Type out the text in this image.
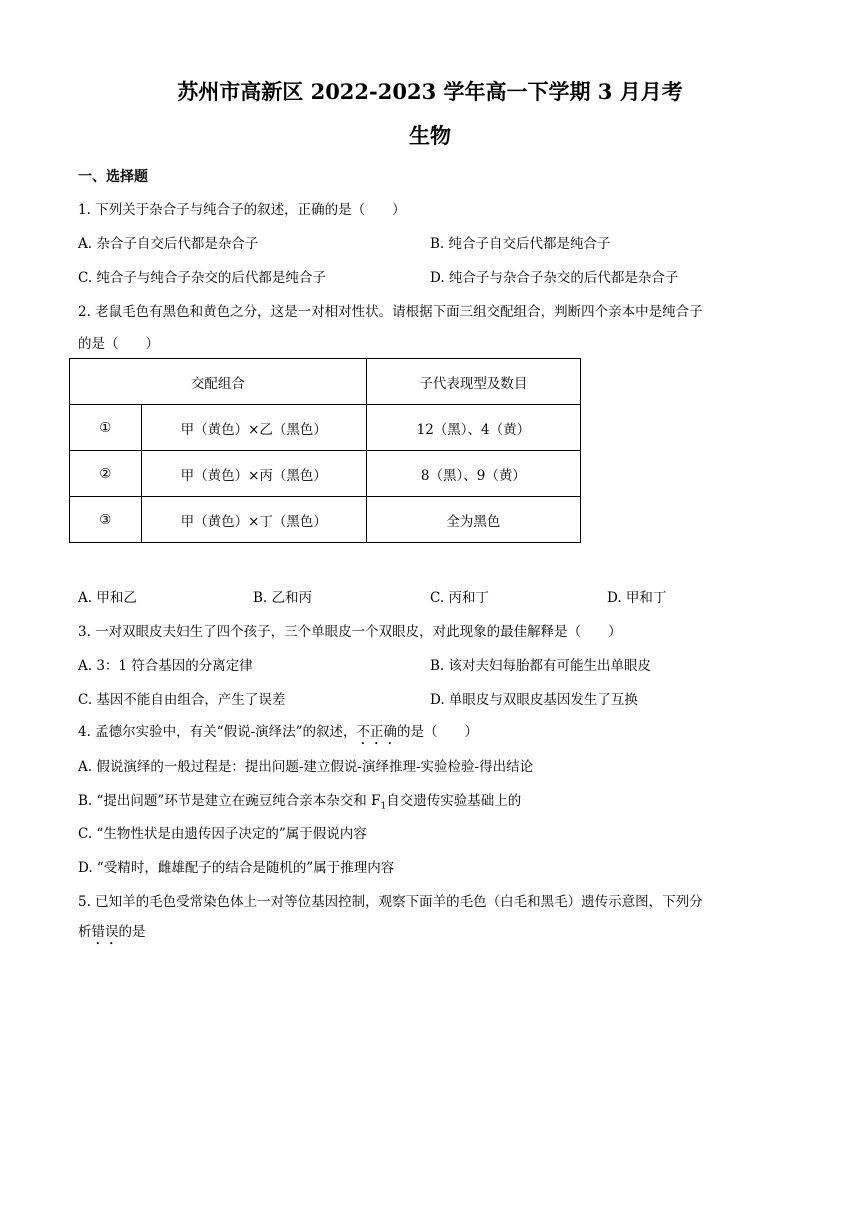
苏州市高新区 2022-2023 学年高一下学期 3 月月考
生物
一、选择题
1. 下列关于杂合子与纯合子的叙述，正确的是（　　）
A. 杂合子自交后代都是杂合子	B. 纯合子自交后代都是纯合子
C. 纯合子与纯合子杂交的后代都是纯合子	D. 纯合子与杂合子杂交的后代都是杂合子
2. 老鼠毛色有黑色和黄色之分，这是一对相对性状。请根据下面三组交配组合，判断四个亲本中是纯合子
的是（　　）
交配组合		子代表现型及数目
①	甲（黄色）×乙（黑色）	12（黑）、4（黄）
②	甲（黄色）×丙（黑色）	8（黑）、9（黄）
③	甲（黄色）×丁（黑色）	全为黑色
A. 甲和乙	B. 乙和丙	C. 丙和丁	D. 甲和丁
3. 一对双眼皮夫妇生了四个孩子，三个单眼皮一个双眼皮，对此现象的最佳解释是（　　）
A. 3：1 符合基因的分离定律	B. 该对夫妇每胎都有可能生出单眼皮
C. 基因不能自由组合，产生了误差	D. 单眼皮与双眼皮基因发生了互换
4. 孟德尔实验中，有关“假说-演绎法”的叙述，不正确的是（　　）
A. 假说演绎的一般过程是：提出问题-建立假说-演绎推理-实验检验-得出结论
B. “提出问题”环节是建立在豌豆纯合亲本杂交和 $F_1$自交遗传实验基础上的
C. “生物性状是由遗传因子决定的”属于假说内容
D. “受精时，雌雄配子的结合是随机的”属于推理内容
5. 已知羊的毛色受常染色体上一对等位基因控制，观察下面羊的毛色（白毛和黑毛）遗传示意图，下列分
析错误的是
